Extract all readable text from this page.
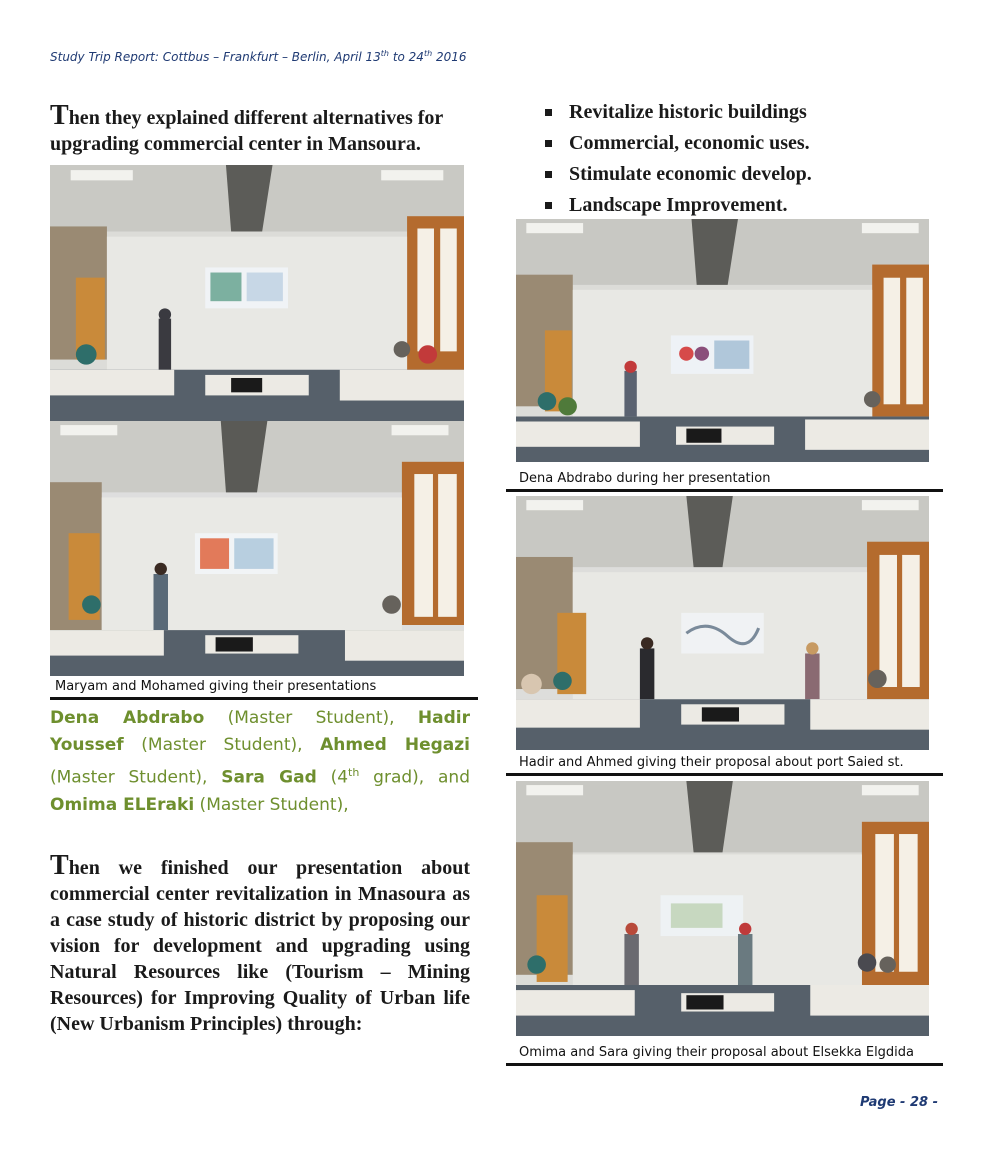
Study Trip Report: Cottbus – Frankfurt – Berlin, April 13th to 24th 2016
Then they explained different alternatives for upgrading commercial center in Mansoura.
Maryam and Mohamed giving their presentations
Dena Abdrabo (Master Student), Hadir Youssef (Master Student), Ahmed Hegazi (Master Student), Sara Gad (4th grad), and Omima ELEraki (Master Student),
Then we finished our presentation about commercial center revitalization in Mnasoura as a case study of historic district by proposing our vision for development and upgrading using Natural Resources like (Tourism – Mining Resources) for Improving Quality of Urban life (New Urbanism Principles) through:
Revitalize historic buildings
Commercial, economic uses.
Stimulate economic develop.
Landscape Improvement.
Dena Abdrabo during her presentation
Hadir and Ahmed giving their proposal about port Saied st.
Omima and Sara giving their proposal about Elsekka Elgdida
Page - 28 -
